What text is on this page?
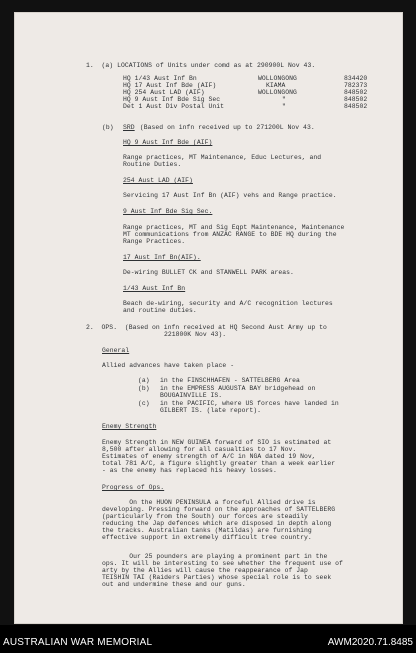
1.  (a) LOCATIONS of Units under comd as at 290900L Nov 43.
HQ 1/43 Aust Inf Bn	WOLLONGONG	834420
HQ 17 Aust Inf Bde (AIF)	KIAMA	782373
HQ 254 Aust LAD (AIF)	WOLLONGONG	848502
HQ 9 Aust Inf Bde Sig Sec	"	848502
Det 1 Aust Div Postal Unit	"	848502
(b) SRD (Based on infn received up to 271200L Nov 43.
HQ 9 Aust Inf Bde (AIF)
Range practices, MT Maintenance, Educ Lectures, and
Routine Duties.
254 Aust LAD (AIF)
Servicing 17 Aust Inf Bn (AIF) vehs and Range practice.
9 Aust Inf Bde Sig Sec.
Range practices, MT and Sig Eqpt Maintenance, Maintenance
MT communications from ANZAC RANGE to BDE HQ during the
Range Practices.
17 Aust Inf Bn(AIF).
De-wiring BULLET CK and STANWELL PARK areas.
1/43 Aust Inf Bn
Beach de-wiring, security and A/C recognition lectures
and routine duties.
2.  OPS.  (Based on infn received at HQ Second Aust Army up to
221800K Nov 43).
General
Allied advances have taken place -
(a) in the FINSCHHAFEN - SATTELBERG Area
(b) in the EMPRESS AUGUSTA BAY bridgehead on
BOUGAINVILLE IS.
(c) in the PACIFIC, where US forces have landed in
GILBERT IS. (late report).
Enemy Strength
Enemy Strength in NEW GUINEA forward of SIO is estimated at
8,500 after allowing for all casualties to 17 Nov.
Estimates of enemy strength of A/C in NGA dated 19 Nov,
total 781 A/C, a figure slightly greater than a week earlier
- as the enemy has replaced his heavy losses.
Progress of Ops.
On the HUON PENINSULA a forceful Allied drive is
developing. Pressing forward on the approaches of SATTELBERG
(particularly from the South) our forces are steadily
reducing the Jap defences which are disposed in depth along
the tracks. Australian tanks (Matildas) are furnishing
effective support in extremely difficult tree country.
Our 25 pounders are playing a prominent part in the
ops. It will be interesting to see whether the frequent use of
arty by the Allies will cause the reappearance of Jap
TEISHIN TAI (Raiders Parties) whose special role is to seek
out and undermine these and our guns.
AUSTRALIAN WAR MEMORIAL	AWM2020.71.8485
